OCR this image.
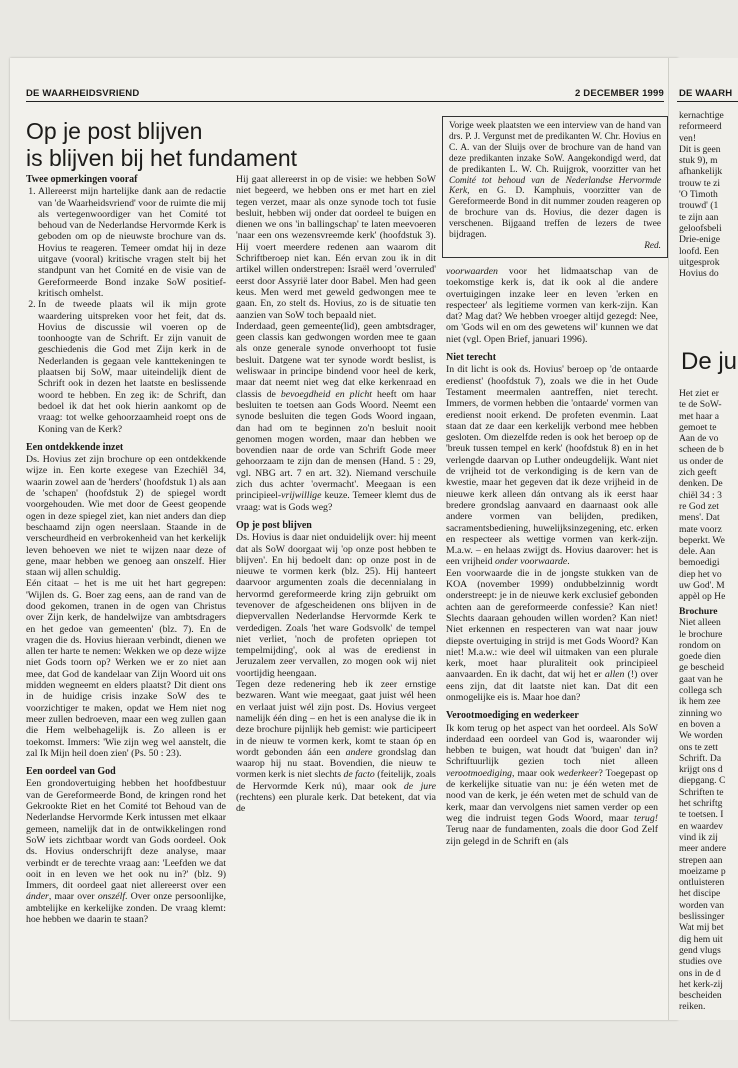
DE WAARHEIDSVRIEND	2 DECEMBER 1999
Op je post blijven
is blijven bij het fundament
Twee opmerkingen vooraf
1. Allereerst mijn hartelijke dank aan de redactie van 'de Waarheidsvriend' voor de ruimte die mij als vertegenwoordiger van het Comité tot behoud van de Nederlandse Hervormde Kerk is geboden om op de nieuwste brochure van ds. Hovius te reageren. Temeer omdat hij in deze uitgave (vooral) kritische vragen stelt bij het standpunt van het Comité en de visie van de Gereformeerde Bond inzake SoW positief-kritisch omhelst.
2. In de tweede plaats wil ik mijn grote waardering uitspreken voor het feit, dat ds. Hovius de discussie wil voeren op de toonhoogte van de Schrift. Er zijn vanuit de geschiedenis die God met Zijn kerk in de Nederlanden is gegaan vele kanttekeningen te plaatsen bij SoW, maar uiteindelijk dient de Schrift ook in dezen het laatste en beslissende woord te hebben. En zeg ik: de Schrift, dan bedoel ik dat het ook hierin aankomt op de vraag: tot welke gehoorzaamheid roept ons de Koning van de Kerk?
Een ontdekkende inzet

Ds. Hovius zet zijn brochure op een ontdekkende wijze in. Een korte exegese van Ezechiël 34, waarin zowel aan de 'herders' (hoofdstuk 1) als aan de 'schapen' (hoofdstuk 2) de spiegel wordt voorgehouden. Wie met door de Geest geopende ogen in deze spiegel ziet, kan niet anders dan diep beschaamd zijn ogen neerslaan. Staande in de verscheurdheid en verbrokenheid van het kerkelijk leven behoeven we niet te wijzen naar deze of gene, maar hebben we genoeg aan onszelf. Hier staan wij allen schuldig.

Eén citaat – het is me uit het hart gegrepen: 'Wijlen ds. G. Boer zag eens, aan de rand van de dood gekomen, tranen in de ogen van Christus over Zijn kerk, de handelwijze van ambtsdragers en het gedoe van gemeenten' (blz. 7). En de vragen die ds. Hovius hieraan verbindt, dienen we allen ter harte te nemen: Wekken we op deze wijze niet Gods toorn op? Werken we er zo niet aan mee, dat God de kandelaar van Zijn Woord uit ons midden wegneemt en elders plaatst? Dit dient ons in de huidige crisis inzake SoW des te voorzichtiger te maken, opdat we Hem niet nog meer zullen bedroeven, maar een weg zullen gaan die Hem welbehagelijk is. Zo alleen is er toekomst. Immers: 'Wie zijn weg wel aanstelt, die zal Ik Mijn heil doen zien' (Ps. 50 : 23).

Een oordeel van God

Een grondovertuiging hebben het hoofdbestuur van de Gereformeerde Bond, de kringen rond het Gekrookte Riet en het Comité tot Behoud van de Nederlandse Hervormde Kerk intussen met elkaar gemeen, namelijk dat in de ontwikkelingen rond SoW iets zichtbaar wordt van Gods oordeel. Ook ds. Hovius onderschrijft deze analyse, maar verbindt er de terechte vraag aan: 'Leefden we dat ooit in en leven we het ook nu in?' (blz. 9) Immers, dit oordeel gaat niet allereerst over een ánder, maar over onszélf. Over onze persoonlijke, ambtelijke en kerkelijke zonden. De vraag klemt: hoe hebben we daarin te staan?

Hij gaat allereerst in op de visie: we hebben SoW niet begeerd, we hebben ons er met hart en ziel tegen verzet, maar als onze synode toch tot fusie besluit, hebben wij onder dat oordeel te buigen en dienen we ons 'in ballingschap' te laten meevoeren 'naar een ons wezensvreemde kerk' (hoofdstuk 3). Hij voert meerdere redenen aan waarom dit Schriftberoep niet kan. Eén ervan zou ik in dit artikel willen onderstrepen: Israël werd 'overruled' eerst door Assyrië later door Babel. Men had geen keus. Men werd met geweld gedwongen mee te gaan. En, zo stelt ds. Hovius, zo is de situatie ten aanzien van SoW toch bepaald niet.

Inderdaad, geen gemeente(lid), geen ambtsdrager, geen classis kan gedwongen worden mee te gaan als onze generale synode onverhoopt tot fusie besluit. Datgene wat ter synode wordt beslist, is weliswaar in principe bindend voor heel de kerk, maar dat neemt niet weg dat elke kerkenraad en classis de bevoegdheid en plicht heeft om haar besluiten te toetsen aan Gods Woord. Neemt een synode besluiten die tegen Gods Woord ingaan, dan had om te beginnen zo'n besluit nooit genomen mogen worden, maar dan hebben we bovendien naar de orde van Schrift Gode meer gehoorzaam te zijn dan de mensen (Hand. 5 : 29, vgl. NBG art. 7 en art. 32). Niemand verschuile zich dus achter 'overmacht'. Meegaan is een principieel-vrijwillige keuze. Temeer klemt dus de vraag: wat is Gods weg?

Op je post blijven

Ds. Hovius is daar niet onduidelijk over: hij meent dat als SoW doorgaat wij 'op onze post hebben te blijven'. En hij bedoelt dan: op onze post in de nieuwe te vormen kerk (blz. 25). Hij hanteert daarvoor argumenten zoals die decennialang in hervormd gereformeerde kring zijn gebruikt om tevenover de afgescheidenen ons blijven in de diepvervallen Nederlandse Hervormde Kerk te verdedigen. Zoals 'het ware Godsvolk' de tempel niet verliet, 'noch de profeten opriepen tot tempelmijding', ook al was de eredienst in Jeruzalem zeer vervallen, zo mogen ook wij niet voortijdig heengaan.

Tegen deze redenering heb ik zeer ernstige bezwaren. Want wie meegaat, gaat juist wél heen en verlaat juist wél zijn post. Ds. Hovius vergeet namelijk één ding – en het is een analyse die ik in deze brochure pijnlijk heb gemist: wie participeert in de nieuw te vormen kerk, komt te staan óp en wordt gebonden áán een andere grondslag dan waarop hij nu staat. Bovendien, die nieuw te vormen kerk is niet slechts de facto (feitelijk, zoals de Hervormde Kerk nú), maar ook de jure (rechtens) een plurale kerk. Dat betekent, dat via de

Vorige week plaatsten we een interview van de hand van drs. P. J. Vergunst met de predikanten W. Chr. Hovius en C. A. van der Sluijs over de brochure van de hand van deze predikanten inzake SoW. Aangekondigd werd, dat de predikanten L. W. Ch. Ruijgrok, voorzitter van het Comité tot behoud van de Nederlandse Hervormde Kerk, en G. D. Kamphuis, voorzitter van de Gereformeerde Bond in dit nummer zouden reageren op de brochure van ds. Hovius, die dezer dagen is verschenen. Bijgaand treffen de lezers de twee bijdragen.
Red.

voorwaarden voor het lidmaatschap van de toekomstige kerk is, dat ik ook al die andere overtuigingen inzake leer en leven 'erken en respecteer' als legitieme vormen van kerk-zijn. Kan dat? Mag dat? We hebben vroeger altijd gezegd: Nee, om 'Gods wil en om des gewetens wil' kunnen we dat niet (vgl. Open Brief, januari 1996).

Niet terecht

In dit licht is ook ds. Hovius' beroep op 'de ontaarde eredienst' (hoofdstuk 7), zoals we die in het Oude Testament meermalen aantreffen, niet terecht. Immers, de vormen hebben die 'ontaarde' vormen van eredienst nooit erkend. De profeten evenmin. Laat staan dat ze daar een kerkelijk verbond mee hebben gesloten. Om diezelfde reden is ook het beroep op de 'breuk tussen tempel en kerk' (hoofdstuk 8) en in het verlengde daarvan op Luther ondeugdelijk. Want niet de vrijheid tot de verkondiging is de kern van de kwestie, maar het gegeven dat ik deze vrijheid in de nieuwe kerk alleen dán ontvang als ik eerst haar bredere grondslag aanvaard en daarnaast ook alle andere vormen van belijden, prediken, sacramentsbediening, huwelijksinzegening, etc. erken en respecteer als wettige vormen van kerk-zijn. M.a.w. – en helaas zwijgt ds. Hovius daarover: het is een vrijheid onder voorwaarde.

Een voorwaarde die in de jongste stukken van de KOA (november 1999) ondubbelzinnig wordt onderstreept: je in de nieuwe kerk exclusief gebonden achten aan de gereformeerde confessie? Kan niet! Slechts daaraan gehouden willen worden? Kan niet! Niet erkennen en respecteren van wat naar jouw diepste overtuiging in strijd is met Gods Woord? Kan niet! M.a.w.: wie deel wil uitmaken van een plurale kerk, moet haar pluraliteit ook principieel aanvaarden. En ik dacht, dat wij het er allen (!) over eens zijn, dat dit laatste niet kan. Dat dit een onmogelijke eis is. Maar hoe dan?

Verootmoediging en wederkeer

Ik kom terug op het aspect van het oordeel. Als SoW inderdaad een oordeel van God is, waaronder wij hebben te buigen, wat houdt dat 'buigen' dan in? Schriftuurlijk gezien toch niet alleen verootmoediging, maar ook wederkeer? Toegepast op de kerkelijke situatie van nu: je één weten met de nood van de kerk, je één weten met de schuld van de kerk, maar dan vervolgens niet samen verder op een weg die indruist tegen Gods Woord, maar terug! Terug naar de fundamenten, zoals die door God Zelf zijn gelegd in de Schrift en (als

DE WAARH
kernachtige
reformeerd
ven!
Dit is geen
stuk 9), m
afhankelijk
trouw te zi
'O Timoth
trouwd' (1
te zijn aan
geloofsbeli
Drie-enige
loofd. Een
uitgesprok
Hovius do
De ju
Het ziet er
te de SoW-
met haar a
gemoet te
Aan de vo
scheen de b
us onder de
zich geeft
denken. De
chiël 34 : 3
re God zet
mens'. Dat
mate voorz
beperkt. We
dele. Aan
bemoedigi
diep het vo
uw God'. M
appèl op He
Brochure
Niet alleen
le brochure
rondom on
goede dien
ge bescheid
gaat van he
collega sch
ik hem zee
zinning wo
en boven a
We worden
ons te zett
Schrift. Da
krijgt ons d
diepgang. C
Schriften te
het schriftg
te toetsen. I
en waardev
vind ik zij
meer andere
strepen aan
moeizame p
ontluisteren
het discipe
worden van
beslissinger
Wat mij bet
dig hem uit
gend vlugs
studies ove
ons in de d
het kerk-zij
bescheiden
reiken.
